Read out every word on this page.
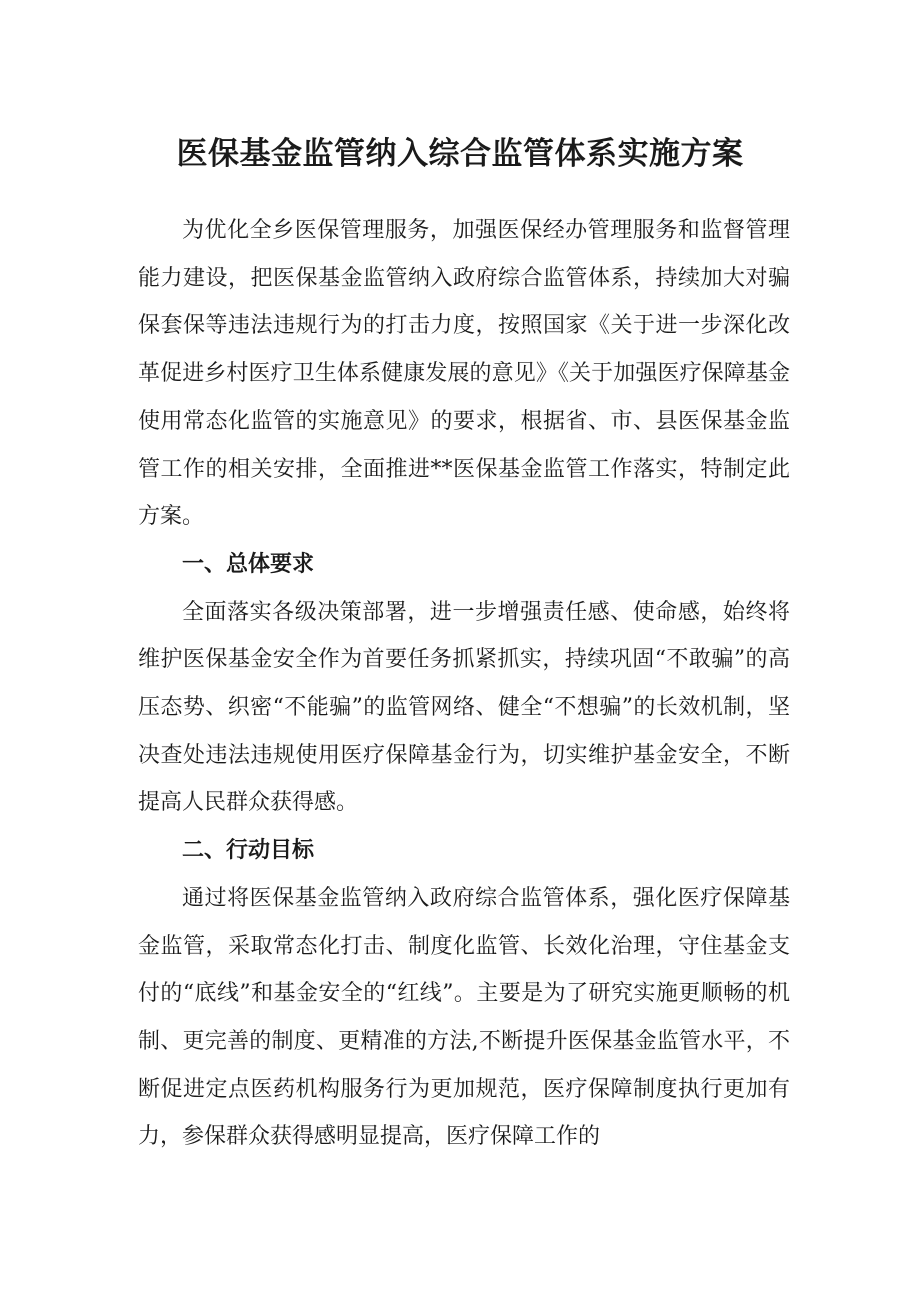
医保基金监管纳入综合监管体系实施方案

为优化全乡医保管理服务，加强医保经办管理服务和监督管理能力建设，把医保基金监管纳入政府综合监管体系，持续加大对骗保套保等违法违规行为的打击力度，按照国家《关于进一步深化改革促进乡村医疗卫生体系健康发展的意见》《关于加强医疗保障基金使用常态化监管的实施意见》的要求，根据省、市、县医保基金监管工作的相关安排，全面推进**医保基金监管工作落实，特制定此方案。

一、总体要求

全面落实各级决策部署，进一步增强责任感、使命感，始终将维护医保基金安全作为首要任务抓紧抓实，持续巩固“不敢骗”的高压态势、织密“不能骗”的监管网络、健全“不想骗”的长效机制，坚决查处违法违规使用医疗保障基金行为，切实维护基金安全，不断提高人民群众获得感。

二、行动目标

通过将医保基金监管纳入政府综合监管体系，强化医疗保障基金监管，采取常态化打击、制度化监管、长效化治理，守住基金支付的“底线”和基金安全的“红线”。主要是为了研究实施更顺畅的机制、更完善的制度、更精准的方法,不断提升医保基金监管水平，不断促进定点医药机构服务行为更加规范，医疗保障制度执行更加有力，参保群众获得感明显提高，医疗保障工作的
